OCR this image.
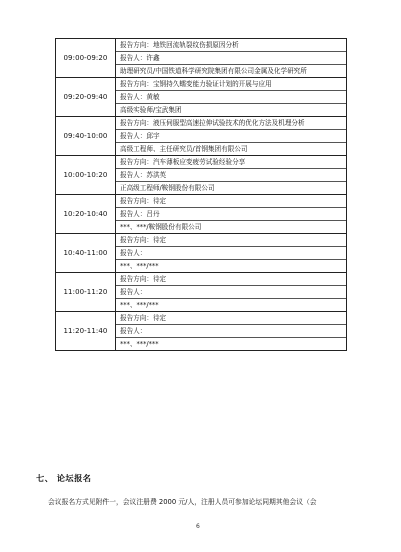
09:00-09:20	报告方向：地铁回流轨裂纹伤损原因分析
报告人：许鑫
助理研究员/中国铁道科学研究院集团有限公司金属及化学研究所

09:20-09:40	报告方向：宝钢持久蠕变能力验证计划的开展与应用
报告人：黄敏
高级实验师/宝武集团

09:40-10:00	报告方向：液压伺服型高速拉伸试验技术的优化方法及机理分析
报告人：邱宇
高级工程师、主任研究员/首钢集团有限公司

10:00-10:20	报告方向：汽车薄板应变疲劳试验经验分享
报告人：苏洪英
正高级工程师/鞍钢股份有限公司

10:20-10:40	报告方向：待定
报告人：吕丹
***、***/鞍钢股份有限公司

10:40-11:00	报告方向：待定
报告人：
***、***/***

11:00-11:20	报告方向：待定
报告人：
***、***/***

11:20-11:40	报告方向：待定
报告人：
***、***/***
七、 论坛报名
会议报名方式见附件一，会议注册费 2000 元/人，注册人员可参加论坛同期其他会议（会
6
